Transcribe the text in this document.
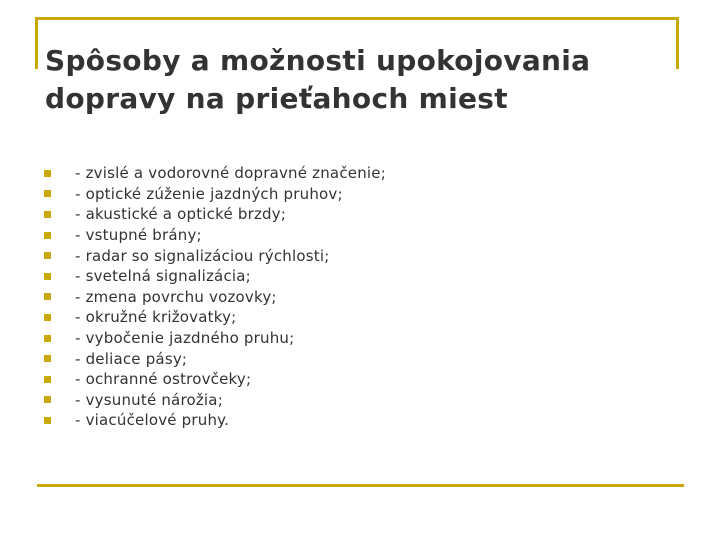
Spôsoby a možnosti upokojovania
dopravy na prieťahoch miest
- zvislé a vodorovné dopravné značenie;
- optické zúženie jazdných pruhov;
- akustické a optické brzdy;
- vstupné brány;
- radar so signalizáciou rýchlosti;
- svetelná signalizácia;
- zmena povrchu vozovky;
- okružné križovatky;
- vybočenie jazdného pruhu;
- deliace pásy;
- ochranné ostrovčeky;
- vysunuté nárožia;
- viacúčelové pruhy.
